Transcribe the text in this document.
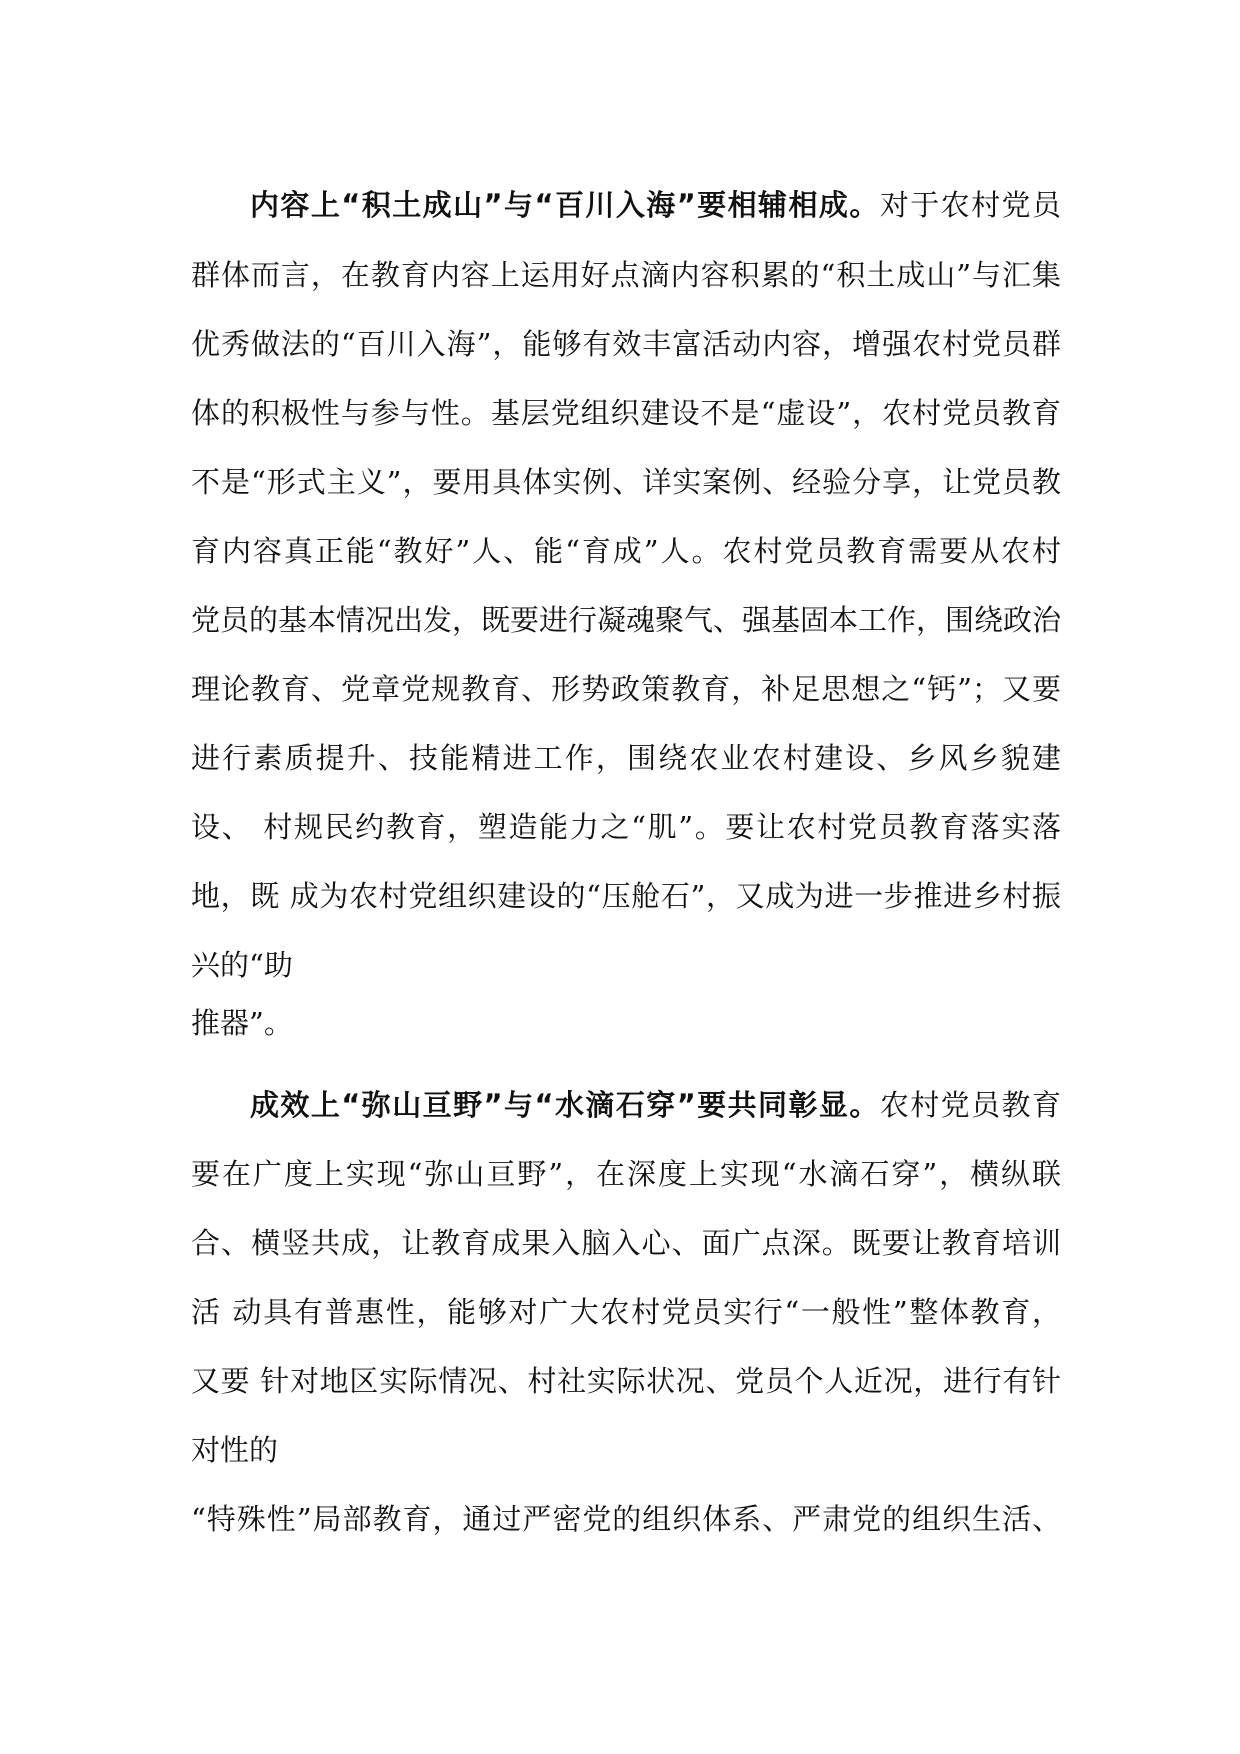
内容上“积土成山”与“百川入海”要相辅相成。对于农村党员
群体而言，在教育内容上运用好点滴内容积累的“积土成山”与汇集
优秀做法的“百川入海”，能够有效丰富活动内容，增强农村党员群
体的积极性与参与性。基层党组织建设不是“虚设”，农村党员教育
不是“形式主义”，要用具体实例、详实案例、经验分享，让党员教
育内容真正能“教好”人、能“育成”人。农村党员教育需要从农村
党员的基本情况出发，既要进行凝魂聚气、强基固本工作，围绕政治
理论教育、党章党规教育、形势政策教育，补足思想之“钙”；又要
进行素质提升、技能精进工作，围绕农业农村建设、乡风乡貌建
设、 村规民约教育，塑造能力之“肌”。要让农村党员教育落实落
地，既 成为农村党组织建设的“压舱石”，又成为进一步推进乡村振
兴的“助
推器”。
成效上“弥山亘野”与“水滴石穿”要共同彰显。农村党员教育
要在广度上实现“弥山亘野”，在深度上实现“水滴石穿”，横纵联
合、横竖共成，让教育成果入脑入心、面广点深。既要让教育培训
活 动具有普惠性，能够对广大农村党员实行“一般性”整体教育，
又要 针对地区实际情况、村社实际状况、党员个人近况，进行有针
对性的
“特殊性”局部教育，通过严密党的组织体系、严肃党的组织生活、
